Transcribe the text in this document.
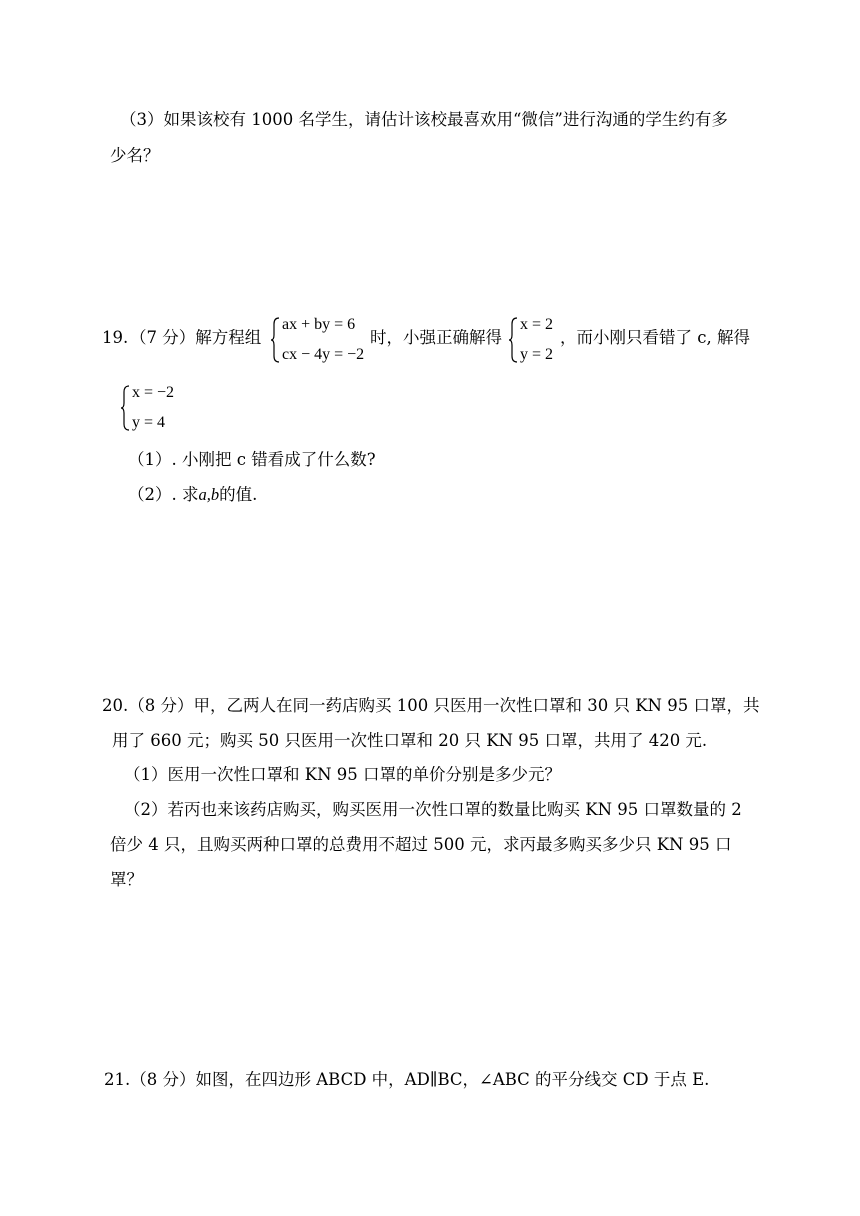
（3）如果该校有 1000 名学生，请估计该校最喜欢用“微信”进行沟通的学生约有多
少名？
19. （7 分）解方程组
ax + by = 6
cx − 4y = −2
时，小强正确解得
x = 2
y = 2
，而小刚只看错了 c, 解得
x = −2
y = 4
（1）. 小刚把 c 错看成了什么数?
（2）. 求a,b的值.
20.（8 分）甲，乙两人在同一药店购买 100 只医用一次性口罩和 30 只 KN 95 口罩，共
用了 660 元；购买 50 只医用一次性口罩和 20 只 KN 95 口罩，共用了 420 元.
（1）医用一次性口罩和 KN 95 口罩的单价分别是多少元？
（2）若丙也来该药店购买，购买医用一次性口罩的数量比购买 KN 95 口罩数量的 2
倍少 4 只，且购买两种口罩的总费用不超过 500 元，求丙最多购买多少只 KN 95 口
罩？
21.（8 分）如图，在四边形 ABCD 中，AD∥BC，∠ABC 的平分线交 CD 于点 E.
